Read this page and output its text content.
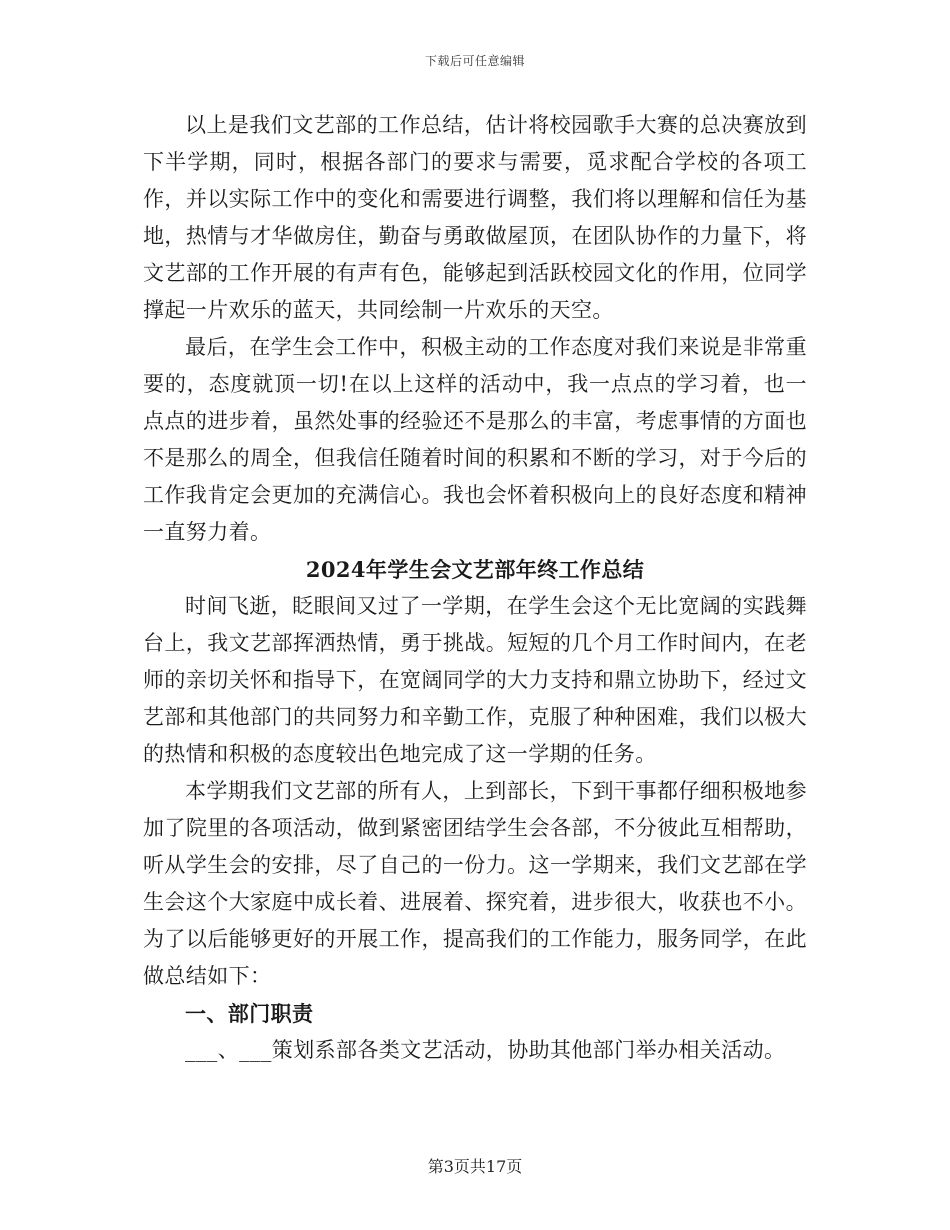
下载后可任意编辑

以上是我们文艺部的工作总结，估计将校园歌手大赛的总决赛放到下半学期，同时，根据各部门的要求与需要，觅求配合学校的各项工作，并以实际工作中的变化和需要进行调整，我们将以理解和信任为基地，热情与才华做房住，勤奋与勇敢做屋顶，在团队协作的力量下，将文艺部的工作开展的有声有色，能够起到活跃校园文化的作用，位同学撑起一片欢乐的蓝天，共同绘制一片欢乐的天空。

最后，在学生会工作中，积极主动的工作态度对我们来说是非常重要的，态度就顶一切!在以上这样的活动中，我一点点的学习着，也一点点的进步着，虽然处事的经验还不是那么的丰富，考虑事情的方面也不是那么的周全，但我信任随着时间的积累和不断的学习，对于今后的工作我肯定会更加的充满信心。我也会怀着积极向上的良好态度和精神一直努力着。

2024年学生会文艺部年终工作总结

时间飞逝，眨眼间又过了一学期，在学生会这个无比宽阔的实践舞台上，我文艺部挥洒热情，勇于挑战。短短的几个月工作时间内，在老师的亲切关怀和指导下，在宽阔同学的大力支持和鼎立协助下，经过文艺部和其他部门的共同努力和辛勤工作，克服了种种困难，我们以极大的热情和积极的态度较出色地完成了这一学期的任务。

本学期我们文艺部的所有人，上到部长，下到干事都仔细积极地参加了院里的各项活动，做到紧密团结学生会各部，不分彼此互相帮助，听从学生会的安排，尽了自己的一份力。这一学期来，我们文艺部在学生会这个大家庭中成长着、进展着、探究着，进步很大，收获也不小。为了以后能够更好的开展工作，提高我们的工作能力，服务同学，在此做总结如下：

一、部门职责

___、___策划系部各类文艺活动，协助其他部门举办相关活动。

第3页共17页
